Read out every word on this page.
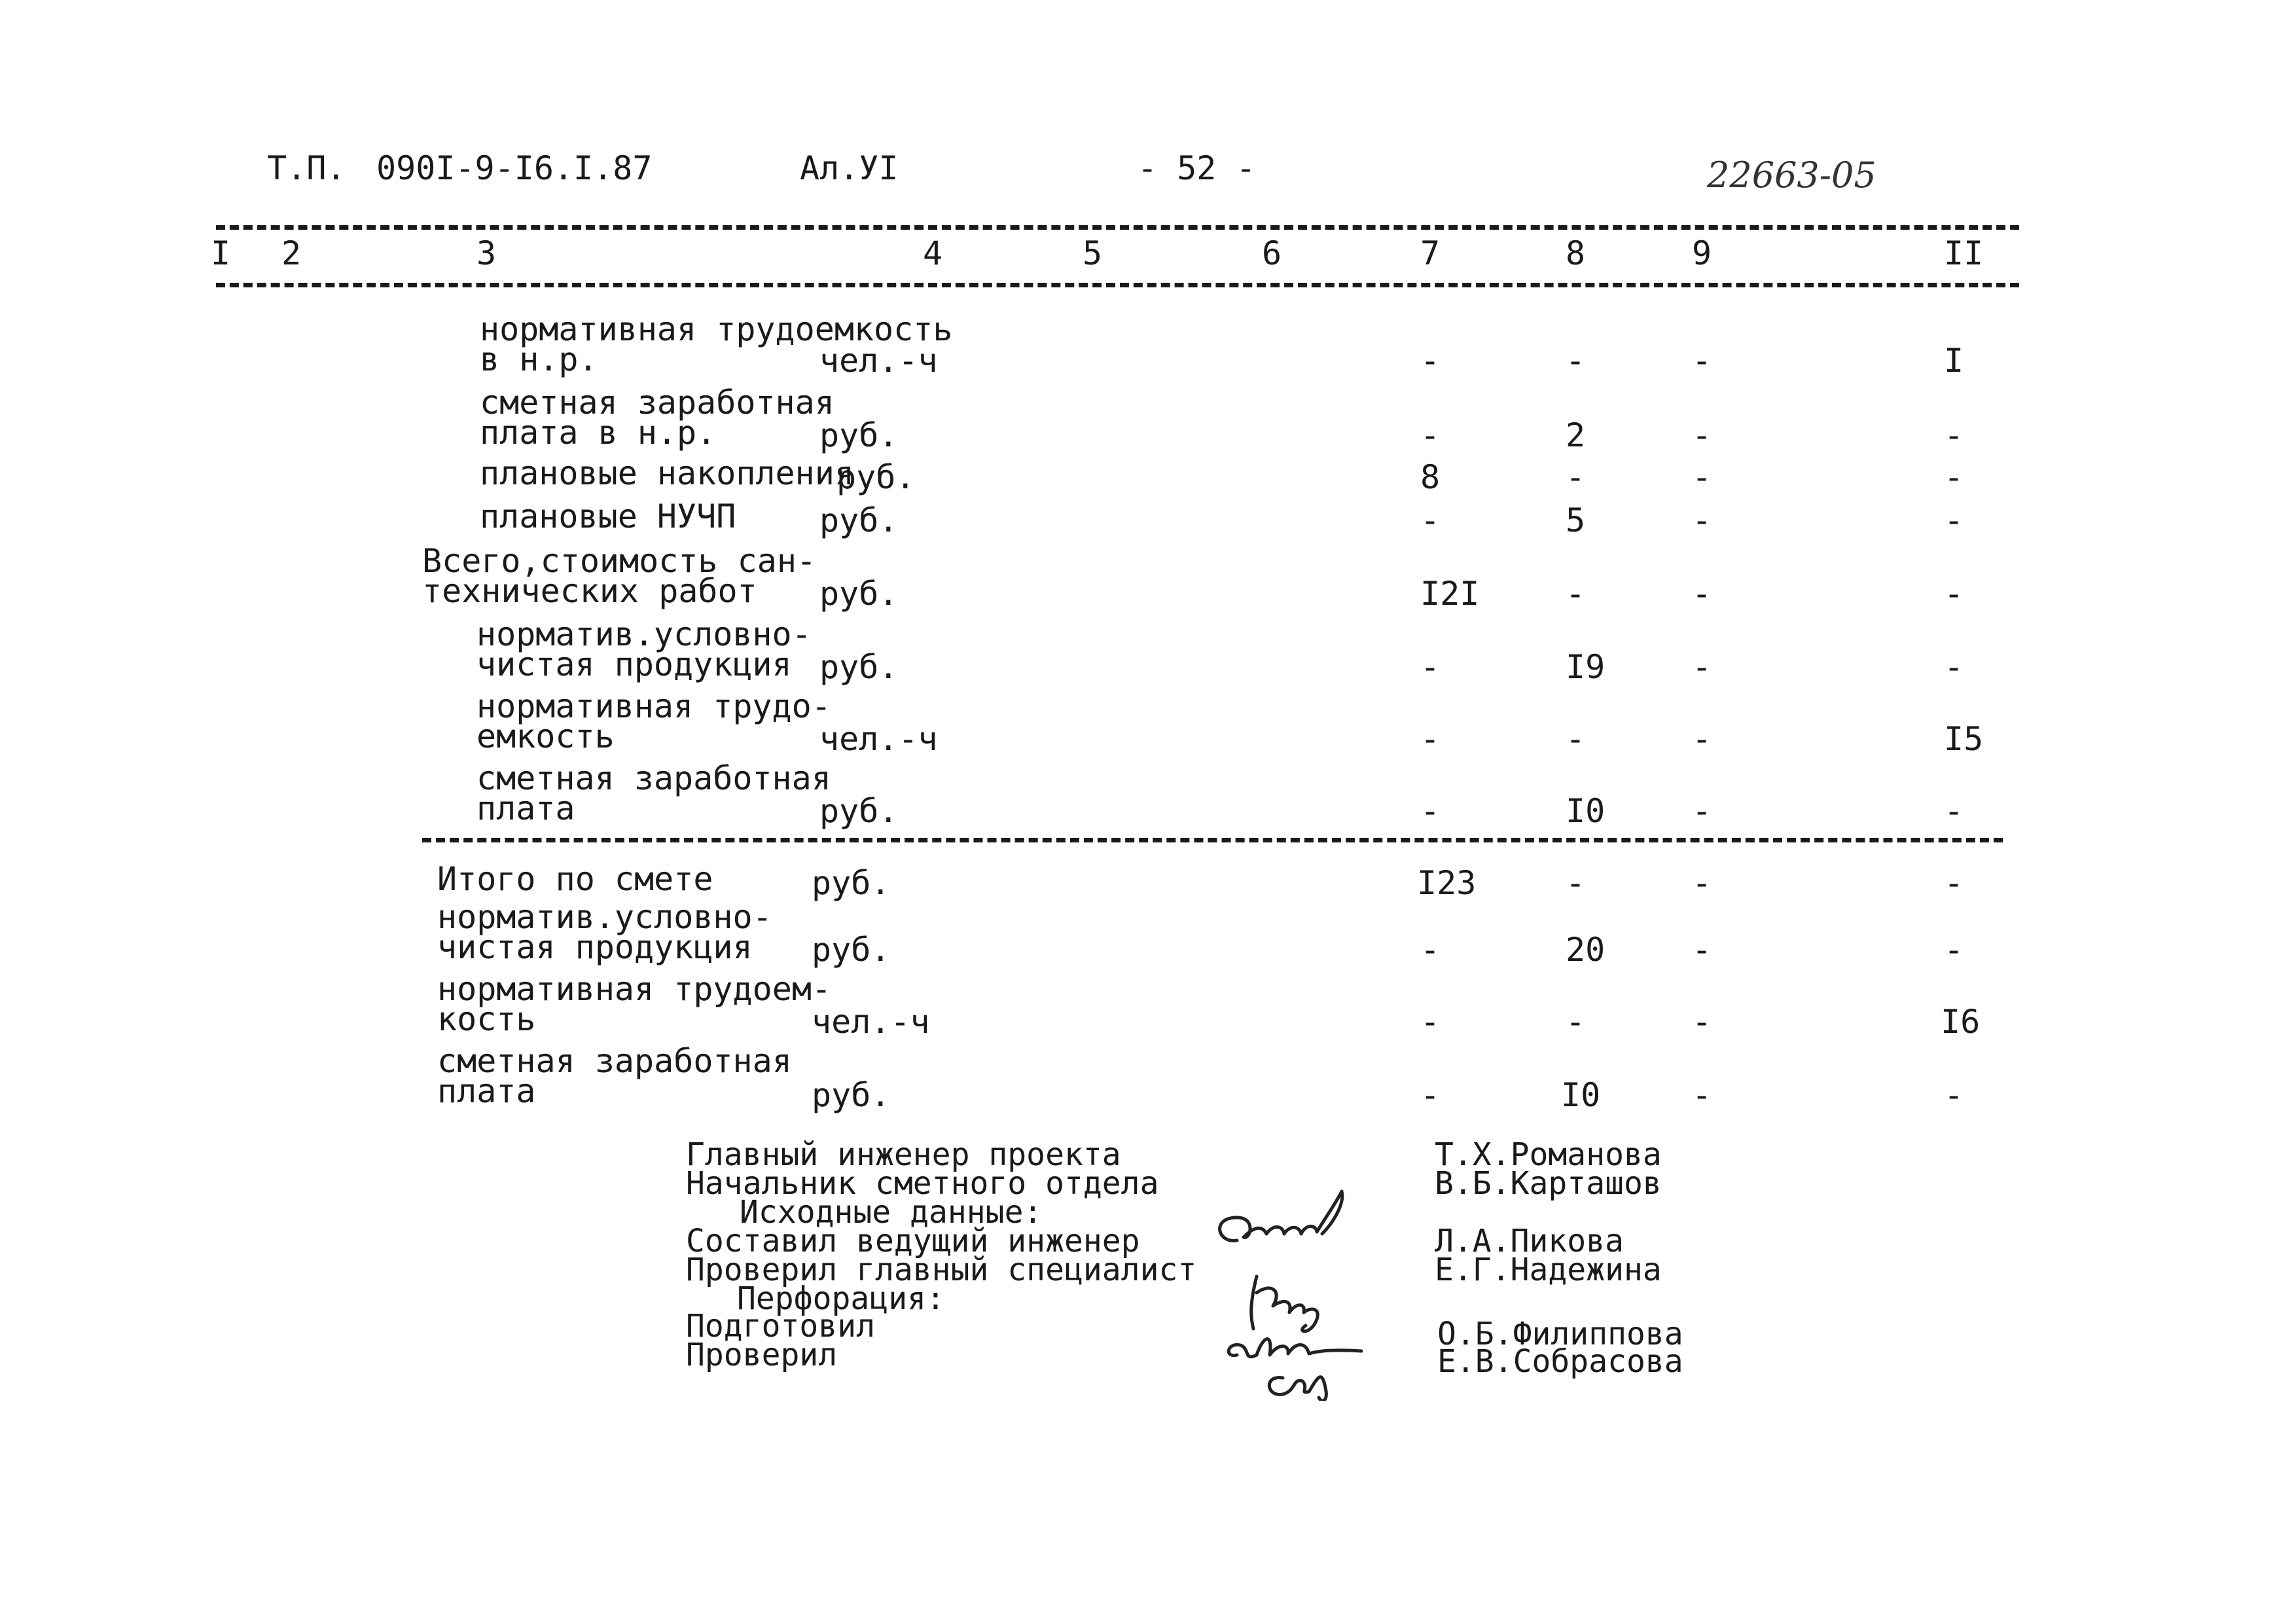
Т.П. 090I-9-I6.I.87	Ал.УI	- 52 -	22663-05
I 2	3	4	5	6	7	8	9	II
нормативная трудоемкость
в н.р.	чел.-ч	-	-	-	I
сметная заработная
плата в н.р.	руб.	-	2	-	-
плановые накопления
руб.	8	-	-	-
плановые НУЧП	руб.	-	5	-	-
Всего,стоимость сан-
технических работ руб.	I2I	-	-	-
норматив.условно-
чистая продукция руб.	-	I9	-	-
нормативная трудо-
емкость	чел.-ч	-	-	-	I5
сметная заработная
плата	руб.	-	I0	-	-
Итого по смете	руб.	I23	-	-	-
норматив.условно-
чистая продукция руб.	-	20	-	-
нормативная трудоем-
кость	чел.-ч	-	-	-	I6
сметная заработная
плата	руб.	-	I0	-	-
Главный инженер проекта	Т.Х.Романова
Начальник сметного отдела	В.Б.Карташов
Исходные данные:
Составил ведущий инженер	Л.А.Пикова
Проверил главный специалист	Е.Г.Надежина
Перфорация:
Подготовил	О.Б.Филиппова
Проверил	Е.В.Собрасова
